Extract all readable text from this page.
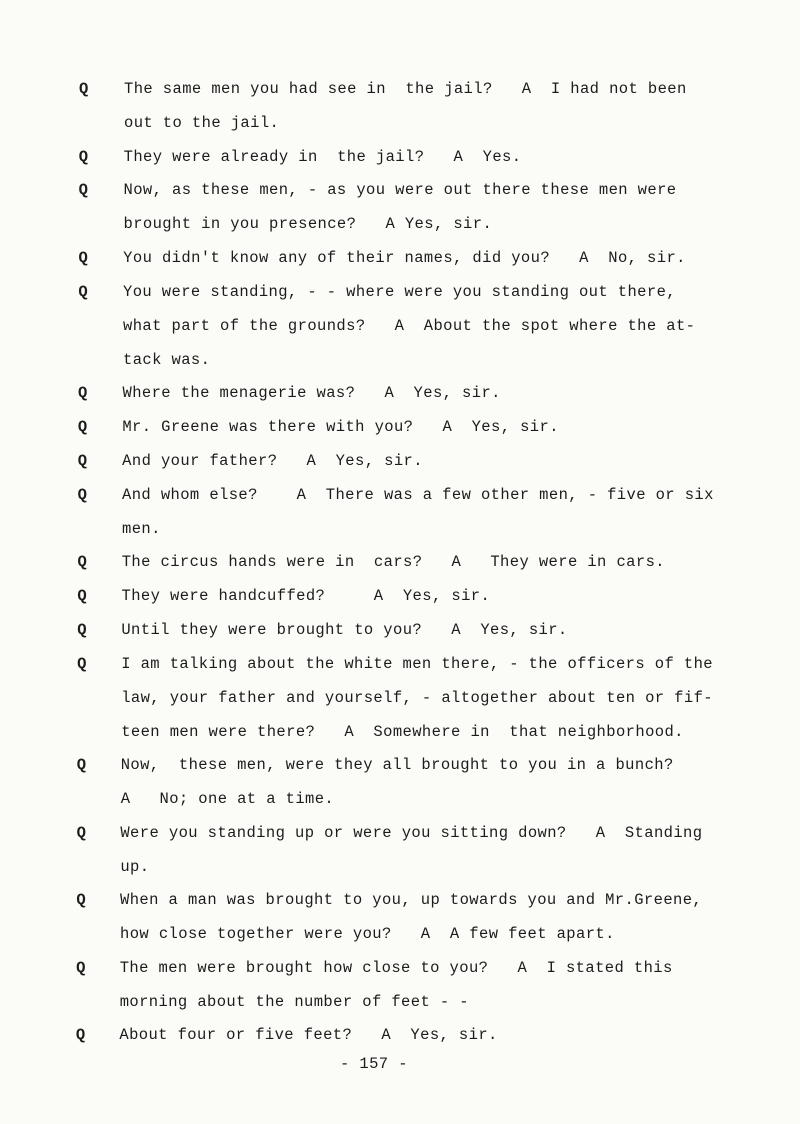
Q The same men you had see in  the jail?   A  I had not been
out to the jail.
Q They were already in  the jail?   A  Yes.
Q Now, as these men, - as you were out there these men were
brought in you presence?   A Yes, sir.
Q You didn't know any of their names, did you?   A  No, sir.
Q You were standing, - - where were you standing out there,
what part of the grounds?   A  About the spot where the at-
tack was.
Q Where the menagerie was?   A  Yes, sir.
Q Mr. Greene was there with you?   A  Yes, sir.
Q And your father?   A  Yes, sir.
Q And whom else?    A  There was a few other men, - five or six
men.
Q The circus hands were in  cars?   A   They were in cars.
Q They were handcuffed?     A  Yes, sir.
Q Until they were brought to you?   A  Yes, sir.
Q I am talking about the white men there, - the officers of the
law, your father and yourself, - altogether about ten or fif-
teen men were there?   A  Somewhere in  that neighborhood.
Q Now,  these men, were they all brought to you in a bunch?
A   No; one at a time.
Q Were you standing up or were you sitting down?   A  Standing
up.
Q When a man was brought to you, up towards you and Mr.Greene,
how close together were you?   A  A few feet apart.
Q The men were brought how close to you?   A  I stated this
morning about the number of feet - -
Q About four or five feet?   A  Yes, sir.
- 157 -
